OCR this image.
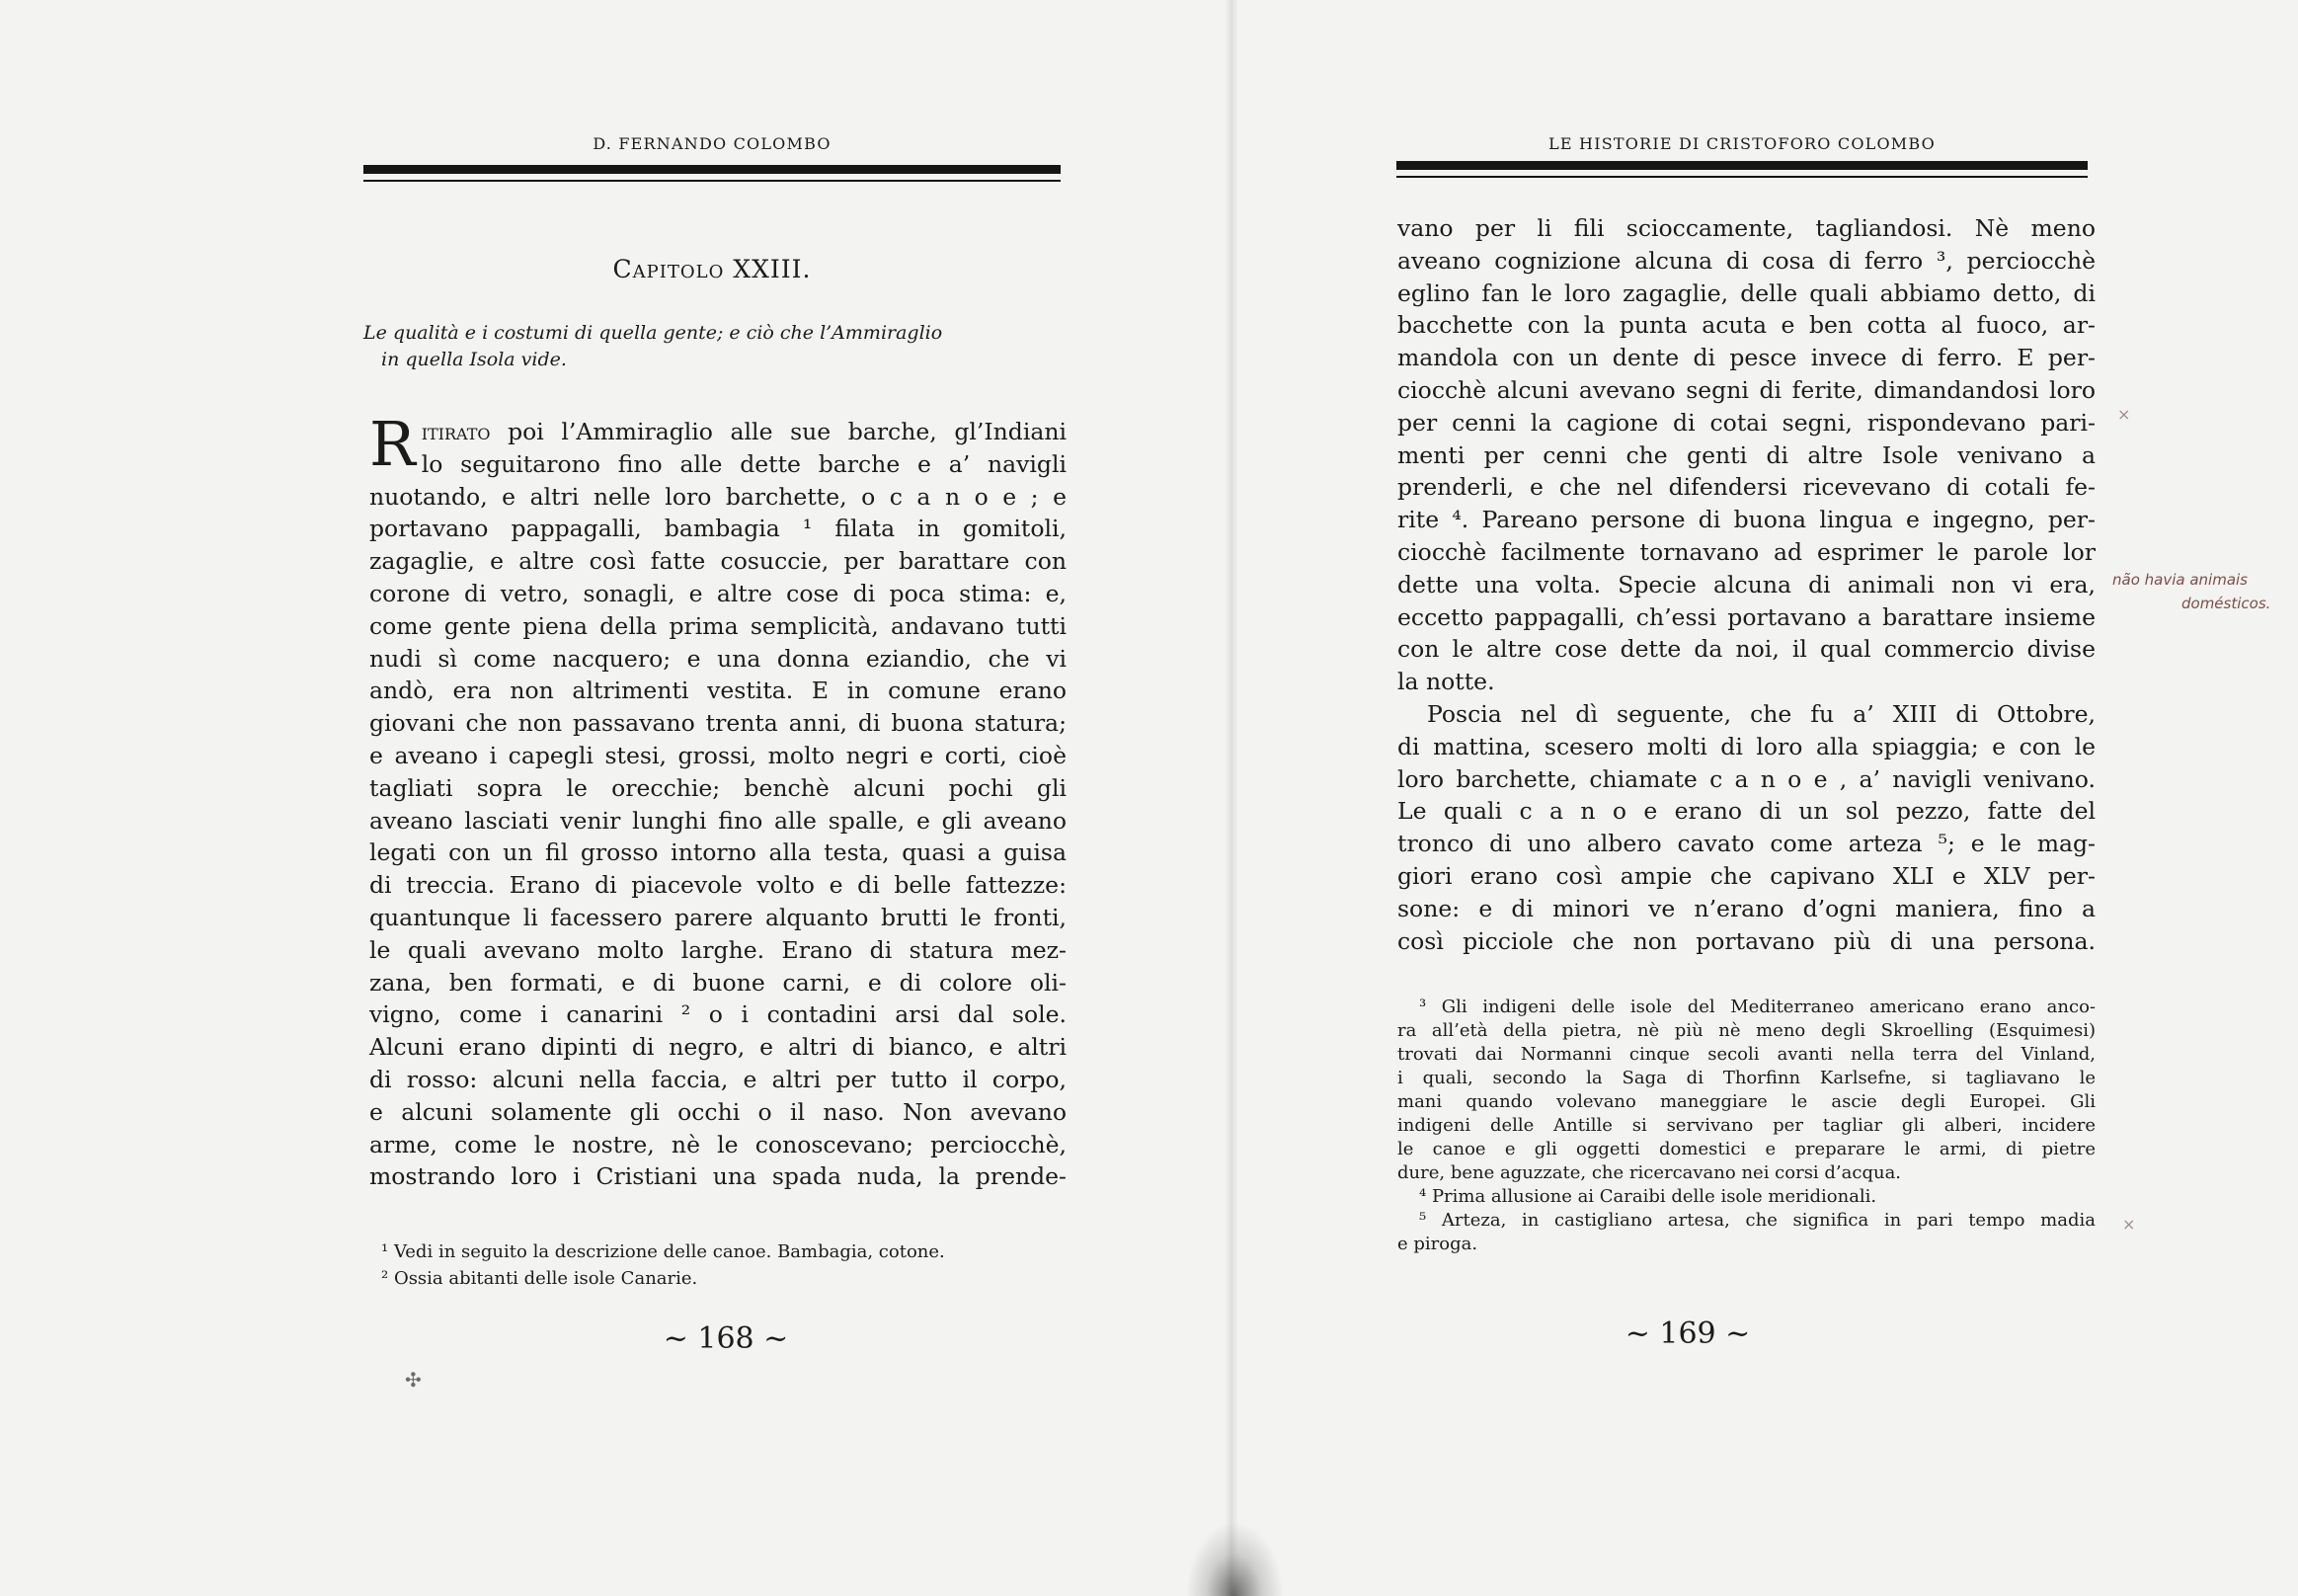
D. FERNANDO COLOMBO
Capitolo XXIII.
Le qualità e i costumi di quella gente; e ciò che l’Ammiraglio
in quella Isola vide.
R itirato poi l’Ammiraglio alle sue barche, gl’Indiani
lo seguitarono fino alle dette barche e a’ navigli
nuotando, e altri nelle loro barchette, o c a n o e ; e
portavano pappagalli, bambagia ¹ filata in gomitoli,
zagaglie, e altre così fatte cosuccie, per barattare con
corone di vetro, sonagli, e altre cose di poca stima: e,
come gente piena della prima semplicità, andavano tutti
nudi sì come nacquero; e una donna eziandio, che vi
andò, era non altrimenti vestita. E in comune erano
giovani che non passavano trenta anni, di buona statura;
e aveano i capegli stesi, grossi, molto negri e corti, cioè
tagliati sopra le orecchie; benchè alcuni pochi gli
aveano lasciati venir lunghi fino alle spalle, e gli aveano
legati con un fil grosso intorno alla testa, quasi a guisa
di treccia. Erano di piacevole volto e di belle fattezze:
quantunque li facessero parere alquanto brutti le fronti,
le quali avevano molto larghe. Erano di statura mez-
zana, ben formati, e di buone carni, e di colore oli-
vigno, come i canarini ² o i contadini arsi dal sole.
Alcuni erano dipinti di negro, e altri di bianco, e altri
di rosso: alcuni nella faccia, e altri per tutto il corpo,
e alcuni solamente gli occhi o il naso. Non avevano
arme, come le nostre, nè le conoscevano; perciocchè,
mostrando loro i Cristiani una spada nuda, la prende-
¹ Vedi in seguito la descrizione delle canoe. Bambagia, cotone.
² Ossia abitanti delle isole Canarie.
~ 168 ~
✣
LE HISTORIE DI CRISTOFORO COLOMBO
vano per li fili scioccamente, tagliandosi. Nè meno
aveano cognizione alcuna di cosa di ferro ³, perciocchè
eglino fan le loro zagaglie, delle quali abbiamo detto, di
bacchette con la punta acuta e ben cotta al fuoco, ar-
mandola con un dente di pesce invece di ferro. E per-
ciocchè alcuni avevano segni di ferite, dimandandosi loro
per cenni la cagione di cotai segni, rispondevano pari-
menti per cenni che genti di altre Isole venivano a
prenderli, e che nel difendersi ricevevano di cotali fe-
rite ⁴. Pareano persone di buona lingua e ingegno, per-
ciocchè facilmente tornavano ad esprimer le parole lor
dette una volta. Specie alcuna di animali non vi era,
eccetto pappagalli, ch’essi portavano a barattare insieme
con le altre cose dette da noi, il qual commercio divise
la notte.
Poscia nel dì seguente, che fu a’ XIII di Ottobre,
di mattina, scesero molti di loro alla spiaggia; e con le
loro barchette, chiamate c a n o e , a’ navigli venivano.
Le quali c a n o e erano di un sol pezzo, fatte del
tronco di uno albero cavato come arteza ⁵; e le mag-
giori erano così ampie che capivano XLI e XLV per-
sone: e di minori ve n’erano d’ogni maniera, fino a
così picciole che non portavano più di una persona.
³ Gli indigeni delle isole del Mediterraneo americano erano anco-
ra all’età della pietra, nè più nè meno degli Skroelling (Esquimesi)
trovati dai Normanni cinque secoli avanti nella terra del Vinland,
i quali, secondo la Saga di Thorfinn Karlsefne, si tagliavano le
mani quando volevano maneggiare le ascie degli Europei. Gli
indigeni delle Antille si servivano per tagliar gli alberi, incidere
le canoe e gli oggetti domestici e preparare le armi, di pietre
dure, bene aguzzate, che ricercavano nei corsi d’acqua.
⁴ Prima allusione ai Caraibi delle isole meridionali.
⁵ Arteza, in castigliano artesa, che significa in pari tempo madia
e piroga.
~ 169 ~
não havia animais
domésticos.
×
×
